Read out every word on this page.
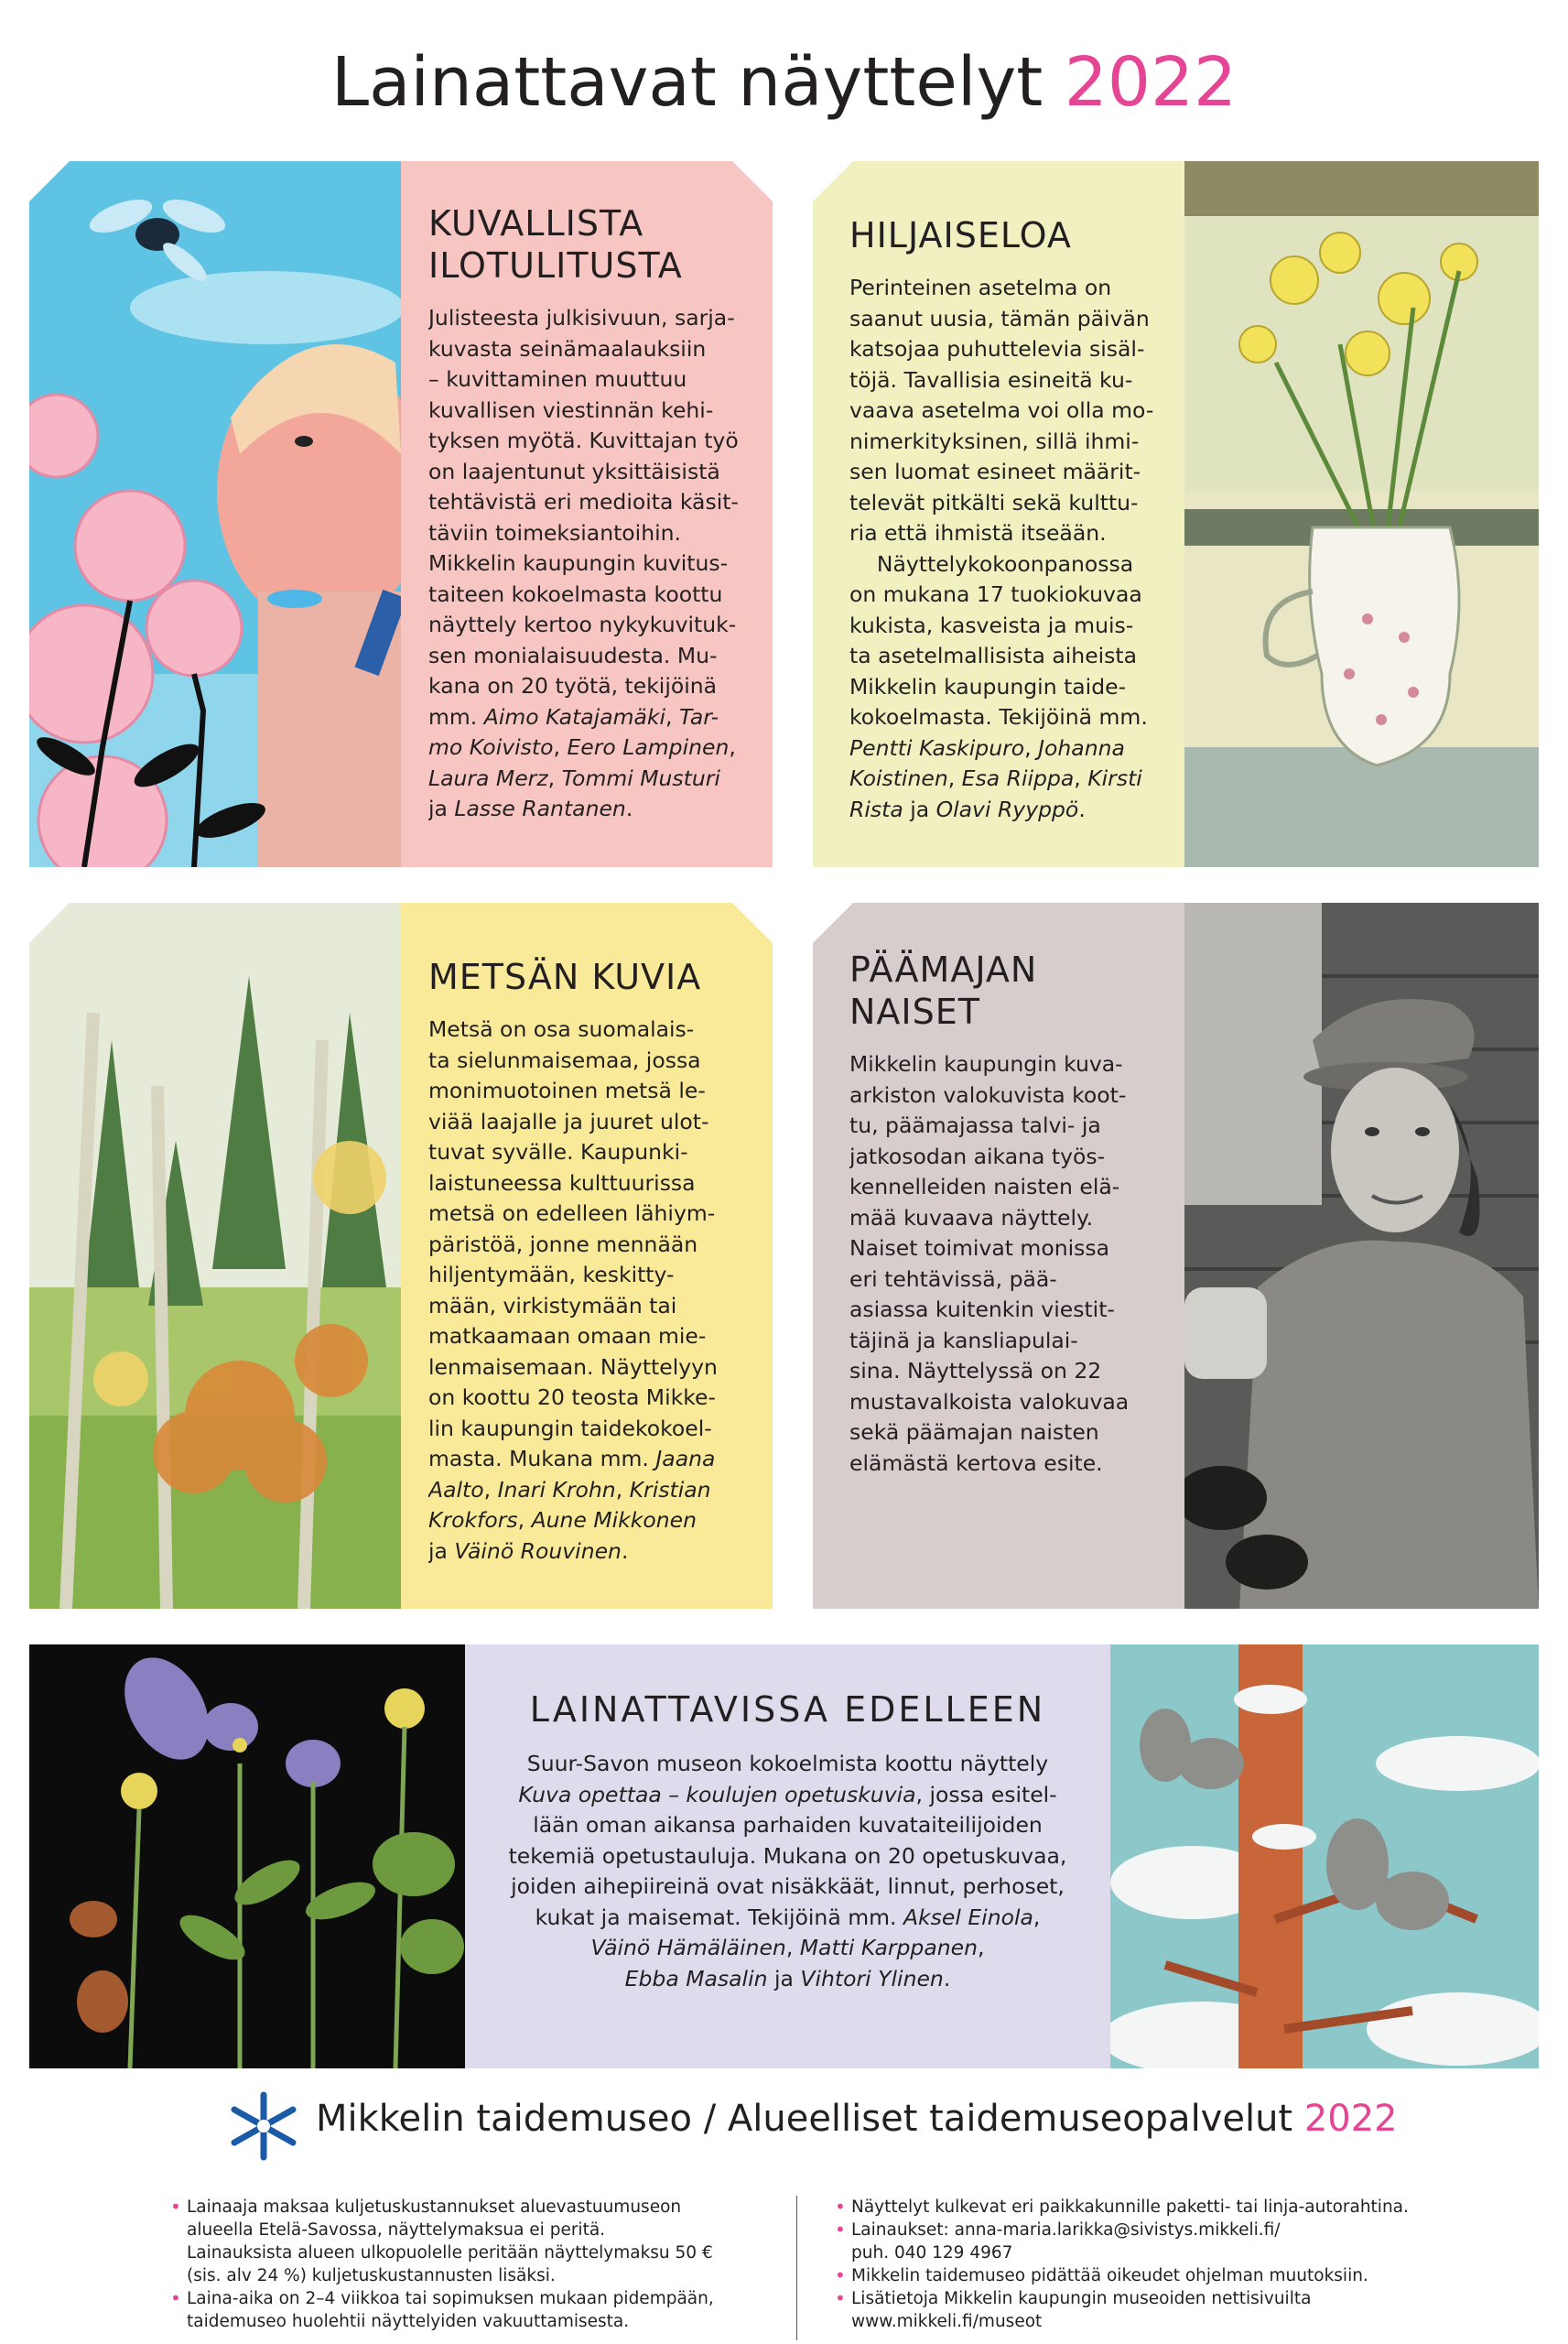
Lainattavat näyttelyt 2022
KUVALLISTA
ILOTULITUSTA

Julisteesta julkisivuun, sarja-
kuvasta seinämaalauksiin
– kuvittaminen muuttuu
kuvallisen viestinnän kehi-
tyksen myötä. Kuvittajan työ
on laajentunut yksittäisistä
tehtävistä eri medioita käsit-
täviin toimeksiantoihin.
Mikkelin kaupungin kuvitus-
taiteen kokoelmasta koottu
näyttely kertoo nykykuvituk-
sen monialaisuudesta. Mu-
kana on 20 työtä, tekijöinä
mm. Aimo Katajamäki, Tar-
mo Koivisto, Eero Lampinen,
Laura Merz, Tommi Musturi
ja Lasse Rantanen.

HILJAISELOA

Perinteinen asetelma on
saanut uusia, tämän päivän
katsojaa puhuttelevia sisäl-
töjä. Tavallisia esineitä ku-
vaava asetelma voi olla mo-
nimerkityksinen, sillä ihmi-
sen luomat esineet määrit-
televät pitkälti sekä kulttu-
ria että ihmistä itseään.
Näyttelykokoonpanossa
on mukana 17 tuokiokuvaa
kukista, kasveista ja muis-
ta asetelmallisista aiheista
Mikkelin kaupungin taide-
kokoelmasta. Tekijöinä mm.
Pentti Kaskipuro, Johanna
Koistinen, Esa Riippa, Kirsti
Rista ja Olavi Ryyppö.

METSÄN KUVIA

Metsä on osa suomalais-
ta sielunmaisemaa, jossa
monimuotoinen metsä le-
viää laajalle ja juuret ulot-
tuvat syvälle. Kaupunki-
laistuneessa kulttuurissa
metsä on edelleen lähiym-
päristöä, jonne mennään
hiljentymään, keskitty-
mään, virkistymään tai
matkaamaan omaan mie-
lenmaisemaan. Näyttelyyn
on koottu 20 teosta Mikke-
lin kaupungin taidekokoel-
masta. Mukana mm. Jaana
Aalto, Inari Krohn, Kristian
Krokfors, Aune Mikkonen
ja Väinö Rouvinen.

PÄÄMAJAN
NAISET

Mikkelin kaupungin kuva-
arkiston valokuvista koot-
tu, päämajassa talvi- ja
jatkosodan aikana työs-
kennelleiden naisten elä-
mää kuvaava näyttely.
Naiset toimivat monissa
eri tehtävissä, pää-
asiassa kuitenkin viestit-
täjinä ja kansliapulai-
sina. Näyttelyssä on 22
mustavalkoista valokuvaa
sekä päämajan naisten
elämästä kertova esite.

LAINATTAVISSA EDELLEEN

Suur-Savon museon kokoelmista koottu näyttely
Kuva opettaa – koulujen opetuskuvia, jossa esitel-
lään oman aikansa parhaiden kuvataiteilijoiden
tekemiä opetustauluja. Mukana on 20 opetuskuvaa,
joiden aihepiireinä ovat nisäkkäät, linnut, perhoset,
kukat ja maisemat. Tekijöinä mm. Aksel Einola,
Väinö Hämäläinen, Matti Karppanen,
Ebba Masalin ja Vihtori Ylinen.

Mikkelin taidemuseo / Alueelliset taidemuseopalvelut 2022
• Lainaaja maksaa kuljetuskustannukset aluevastuumuseon
alueella Etelä-Savossa, näyttelymaksua ei peritä.
Lainauksista alueen ulkopuolelle peritään näyttelymaksu 50 €
(sis. alv 24 %) kuljetuskustannusten lisäksi.
• Laina-aika on 2–4 viikkoa tai sopimuksen mukaan pidempään,
taidemuseo huolehtii näyttelyiden vakuuttamisesta.
• Näyttelyt kulkevat eri paikkakunnille paketti- tai linja-autorahtina.
• Lainaukset: anna-maria.larikka@sivistys.mikkeli.fi/
puh. 040 129 4967
• Mikkelin taidemuseo pidättää oikeudet ohjelman muutoksiin.
• Lisätietoja Mikkelin kaupungin museoiden nettisivuilta
www.mikkeli.fi/museot
